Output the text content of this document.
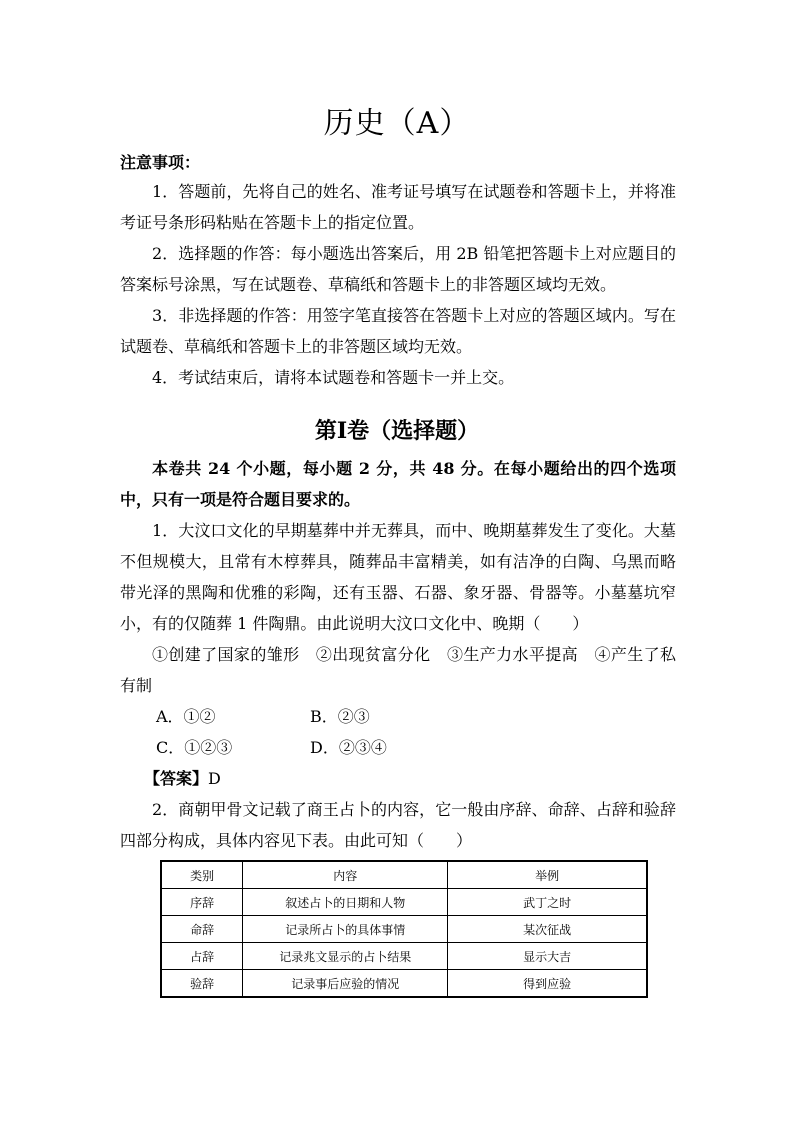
历史（A）
注意事项：

1．答题前，先将自己的姓名、准考证号填写在试题卷和答题卡上，并将准考证号条形码粘贴在答题卡上的指定位置。

2．选择题的作答：每小题选出答案后，用 2B 铅笔把答题卡上对应题目的答案标号涂黑，写在试题卷、草稿纸和答题卡上的非答题区域均无效。

3．非选择题的作答：用签字笔直接答在答题卡上对应的答题区域内。写在试题卷、草稿纸和答题卡上的非答题区域均无效。

4．考试结束后，请将本试题卷和答题卡一并上交。

第Ⅰ卷（选择题）

本卷共 24 个小题，每小题 2 分，共 48 分。在每小题给出的四个选项中，只有一项是符合题目要求的。

1．大汶口文化的早期墓葬中并无葬具，而中、晚期墓葬发生了变化。大墓不但规模大，且常有木椁葬具，随葬品丰富精美，如有洁净的白陶、乌黑而略带光泽的黑陶和优雅的彩陶，还有玉器、石器、象牙器、骨器等。小墓墓坑窄小，有的仅随葬 1 件陶鼎。由此说明大汶口文化中、晚期（　　）

①创建了国家的雏形　②出现贫富分化　③生产力水平提高　④产生了私有制

A．①②	B．②③
C．①②③	D．②③④
【答案】D

2．商朝甲骨文记载了商王占卜的内容，它一般由序辞、命辞、占辞和验辞四部分构成，具体内容见下表。由此可知（　　）

类别	内容	举例
序辞	叙述占卜的日期和人物	武丁之时
命辞	记录所占卜的具体事情	某次征战
占辞	记录兆文显示的占卜结果	显示大吉
验辞	记录事后应验的情况	得到应验
